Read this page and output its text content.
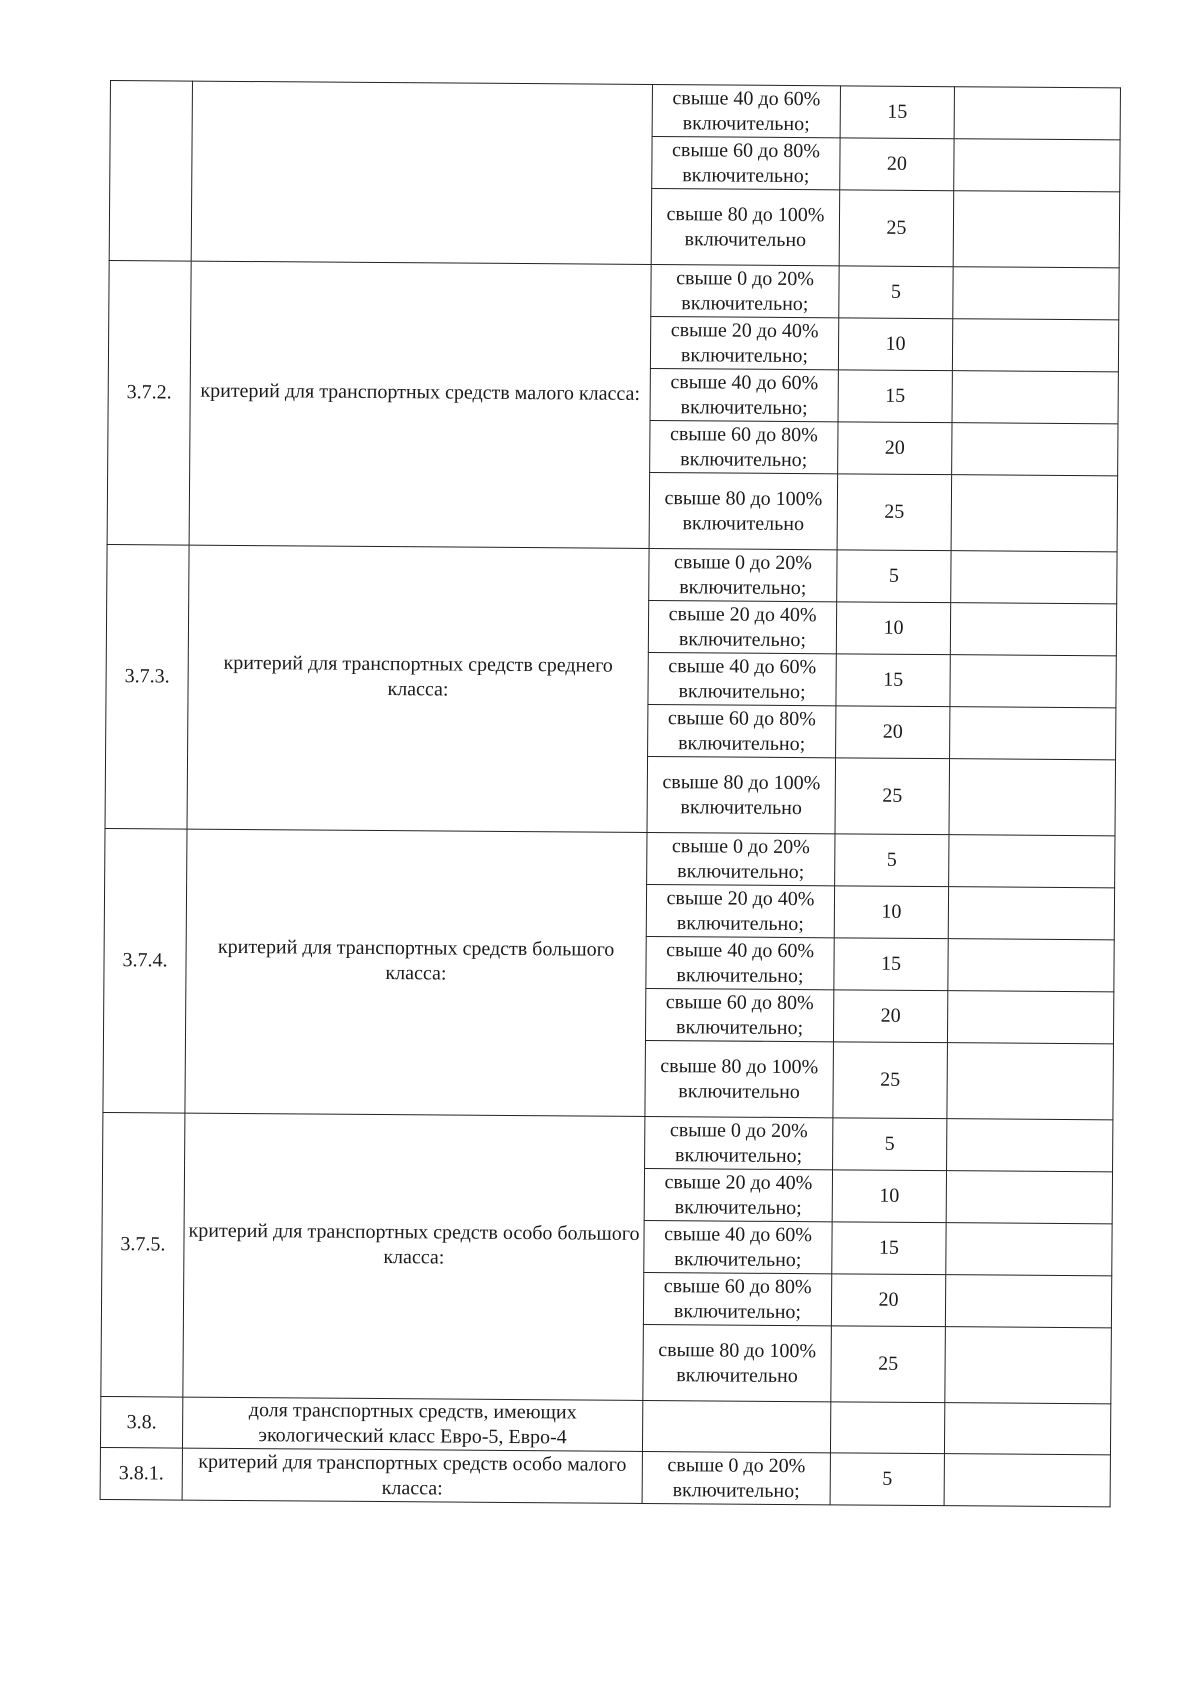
		свыше 40 до 60% включительно;	15	
		свыше 60 до 80% включительно;	20	
		свыше 80 до 100% включительно	25	
3.7.2.	критерий для транспортных средств малого класса:	свыше 0 до 20% включительно;	5	
		свыше 20 до 40% включительно;	10	
		свыше 40 до 60% включительно;	15	
		свыше 60 до 80% включительно;	20	
		свыше 80 до 100% включительно	25	
3.7.3.	критерий для транспортных средств среднего класса:	свыше 0 до 20% включительно;	5	
		свыше 20 до 40% включительно;	10	
		свыше 40 до 60% включительно;	15	
		свыше 60 до 80% включительно;	20	
		свыше 80 до 100% включительно	25	
3.7.4.	критерий для транспортных средств большого класса:	свыше 0 до 20% включительно;	5	
		свыше 20 до 40% включительно;	10	
		свыше 40 до 60% включительно;	15	
		свыше 60 до 80% включительно;	20	
		свыше 80 до 100% включительно	25	
3.7.5.	критерий для транспортных средств особо большого класса:	свыше 0 до 20% включительно;	5	
		свыше 20 до 40% включительно;	10	
		свыше 40 до 60% включительно;	15	
		свыше 60 до 80% включительно;	20	
		свыше 80 до 100% включительно	25	
3.8.	доля транспортных средств, имеющих экологический класс Евро-5, Евро-4			
3.8.1.	критерий для транспортных средств особо малого класса:	свыше 0 до 20% включительно;	5	
